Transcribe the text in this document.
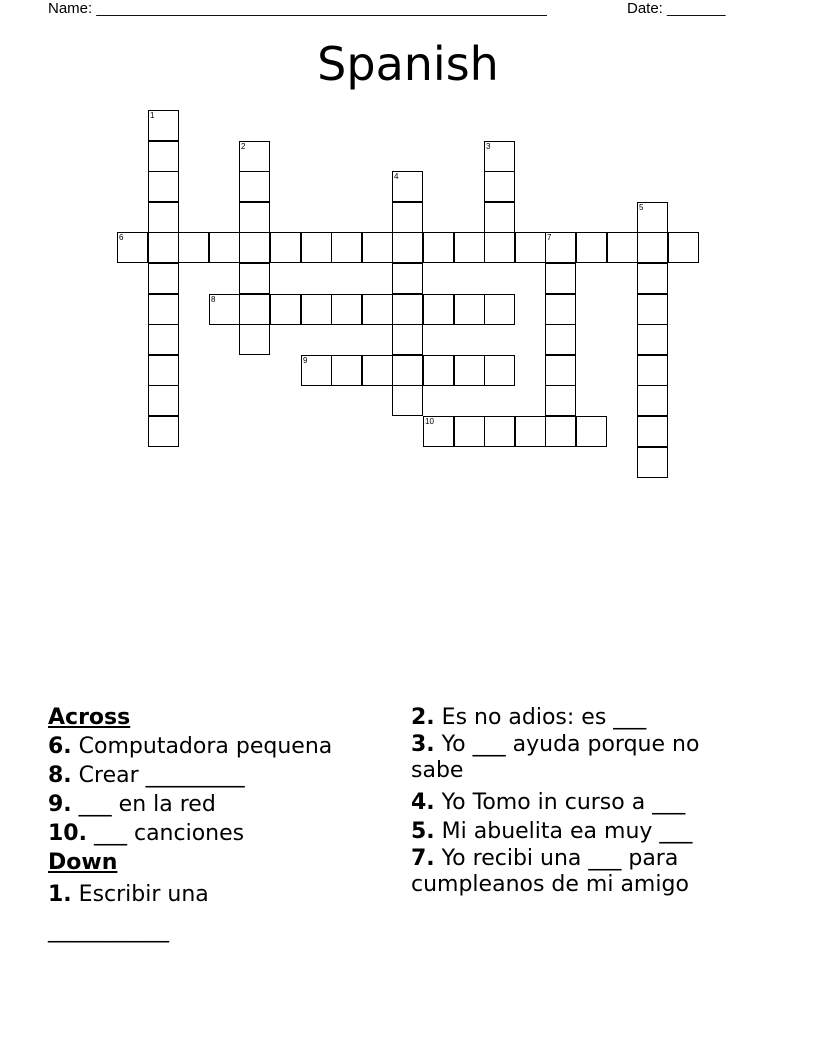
Name: ______________________________________________________	Date: _______
Spanish
1
2	3
4
5
6	7
8
9
10
Across
6. Computadora pequena
8. Crear _________
9. ___ en la red
10. ___ canciones
Down
1. Escribir una ___________
2. Es no adios: es ___
3. Yo ___ ayuda porque no sabe
4. Yo Tomo in curso a ___
5. Mi abuelita ea muy ___
7. Yo recibi una ___ para cumpleanos de mi amigo
